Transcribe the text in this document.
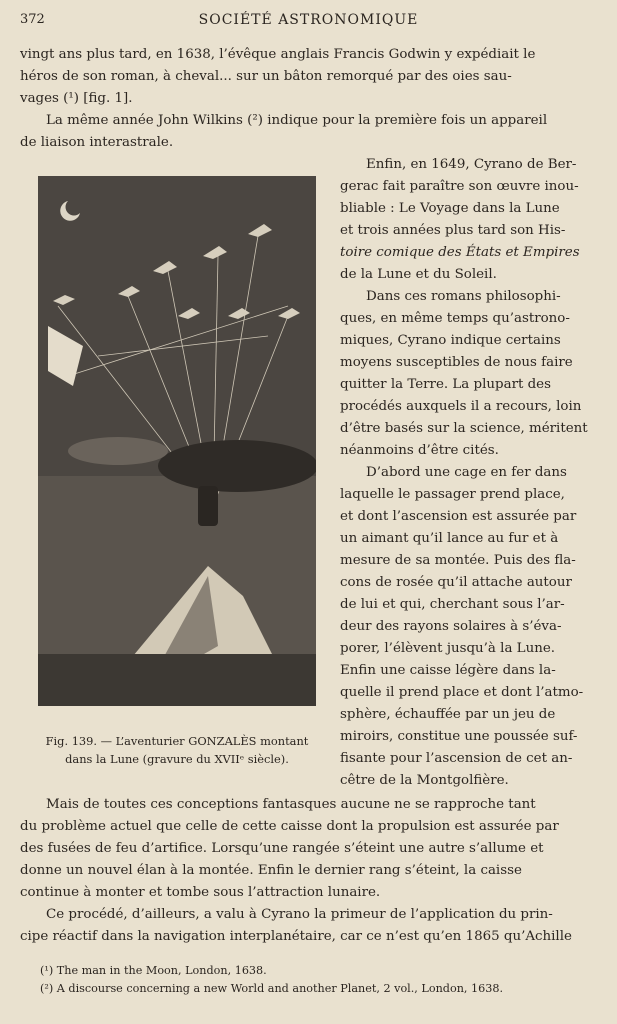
372	SOCIÉTÉ ASTRONOMIQUE

vingt ans plus tard, en 1638, l’évêque anglais Francis Godwin y expédiait le

héros de son roman, à cheval... sur un bâton remorqué par des oies sau-

vages (¹) [fig. 1].

La même année John Wilkins (²) indique pour la première fois un appareil

de liaison interastrale.

Enfin, en 1649, Cyrano de Ber-

gerac fait paraître son œuvre inou-

bliable : Le Voyage dans la Lune

et trois années plus tard son His-

toire comique des États et Empires

de la Lune et du Soleil.

Dans ces romans philosophi-

ques, en même temps qu’astrono-

miques, Cyrano indique certains

moyens susceptibles de nous faire

quitter la Terre. La plupart des

procédés auxquels il a recours, loin

d’être basés sur la science, méritent

néanmoins d’être cités.

D’abord une cage en fer dans

laquelle le passager prend place,

et dont l’ascension est assurée par

un aimant qu’il lance au fur et à

mesure de sa montée. Puis des fla-

cons de rosée qu’il attache autour

de lui et qui, cherchant sous l’ar-

deur des rayons solaires à s’éva-

porer, l’élèvent jusqu’à la Lune.

Enfin une caisse légère dans la-

quelle il prend place et dont l’atmo-

sphère, échauffée par un jeu de

miroirs, constitue une poussée suf-

fisante pour l’ascension de cet an-

cêtre de la Montgolfière.

Fig. 139. — L’aventurier GONZALÈS montant
dans la Lune (gravure du XVIIᵉ siècle).

Mais de toutes ces conceptions fantasques aucune ne se rapproche tant

du problème actuel que celle de cette caisse dont la propulsion est assurée par

des fusées de feu d’artifice. Lorsqu’une rangée s’éteint une autre s’allume et

donne un nouvel élan à la montée. Enfin le dernier rang s’éteint, la caisse

continue à monter et tombe sous l’attraction lunaire.

Ce procédé, d’ailleurs, a valu à Cyrano la primeur de l’application du prin-

cipe réactif dans la navigation interplanétaire, car ce n’est qu’en 1865 qu’Achille

(¹) The man in the Moon, London, 1638.
(²) A discourse concerning a new World and another Planet, 2 vol., London, 1638.
